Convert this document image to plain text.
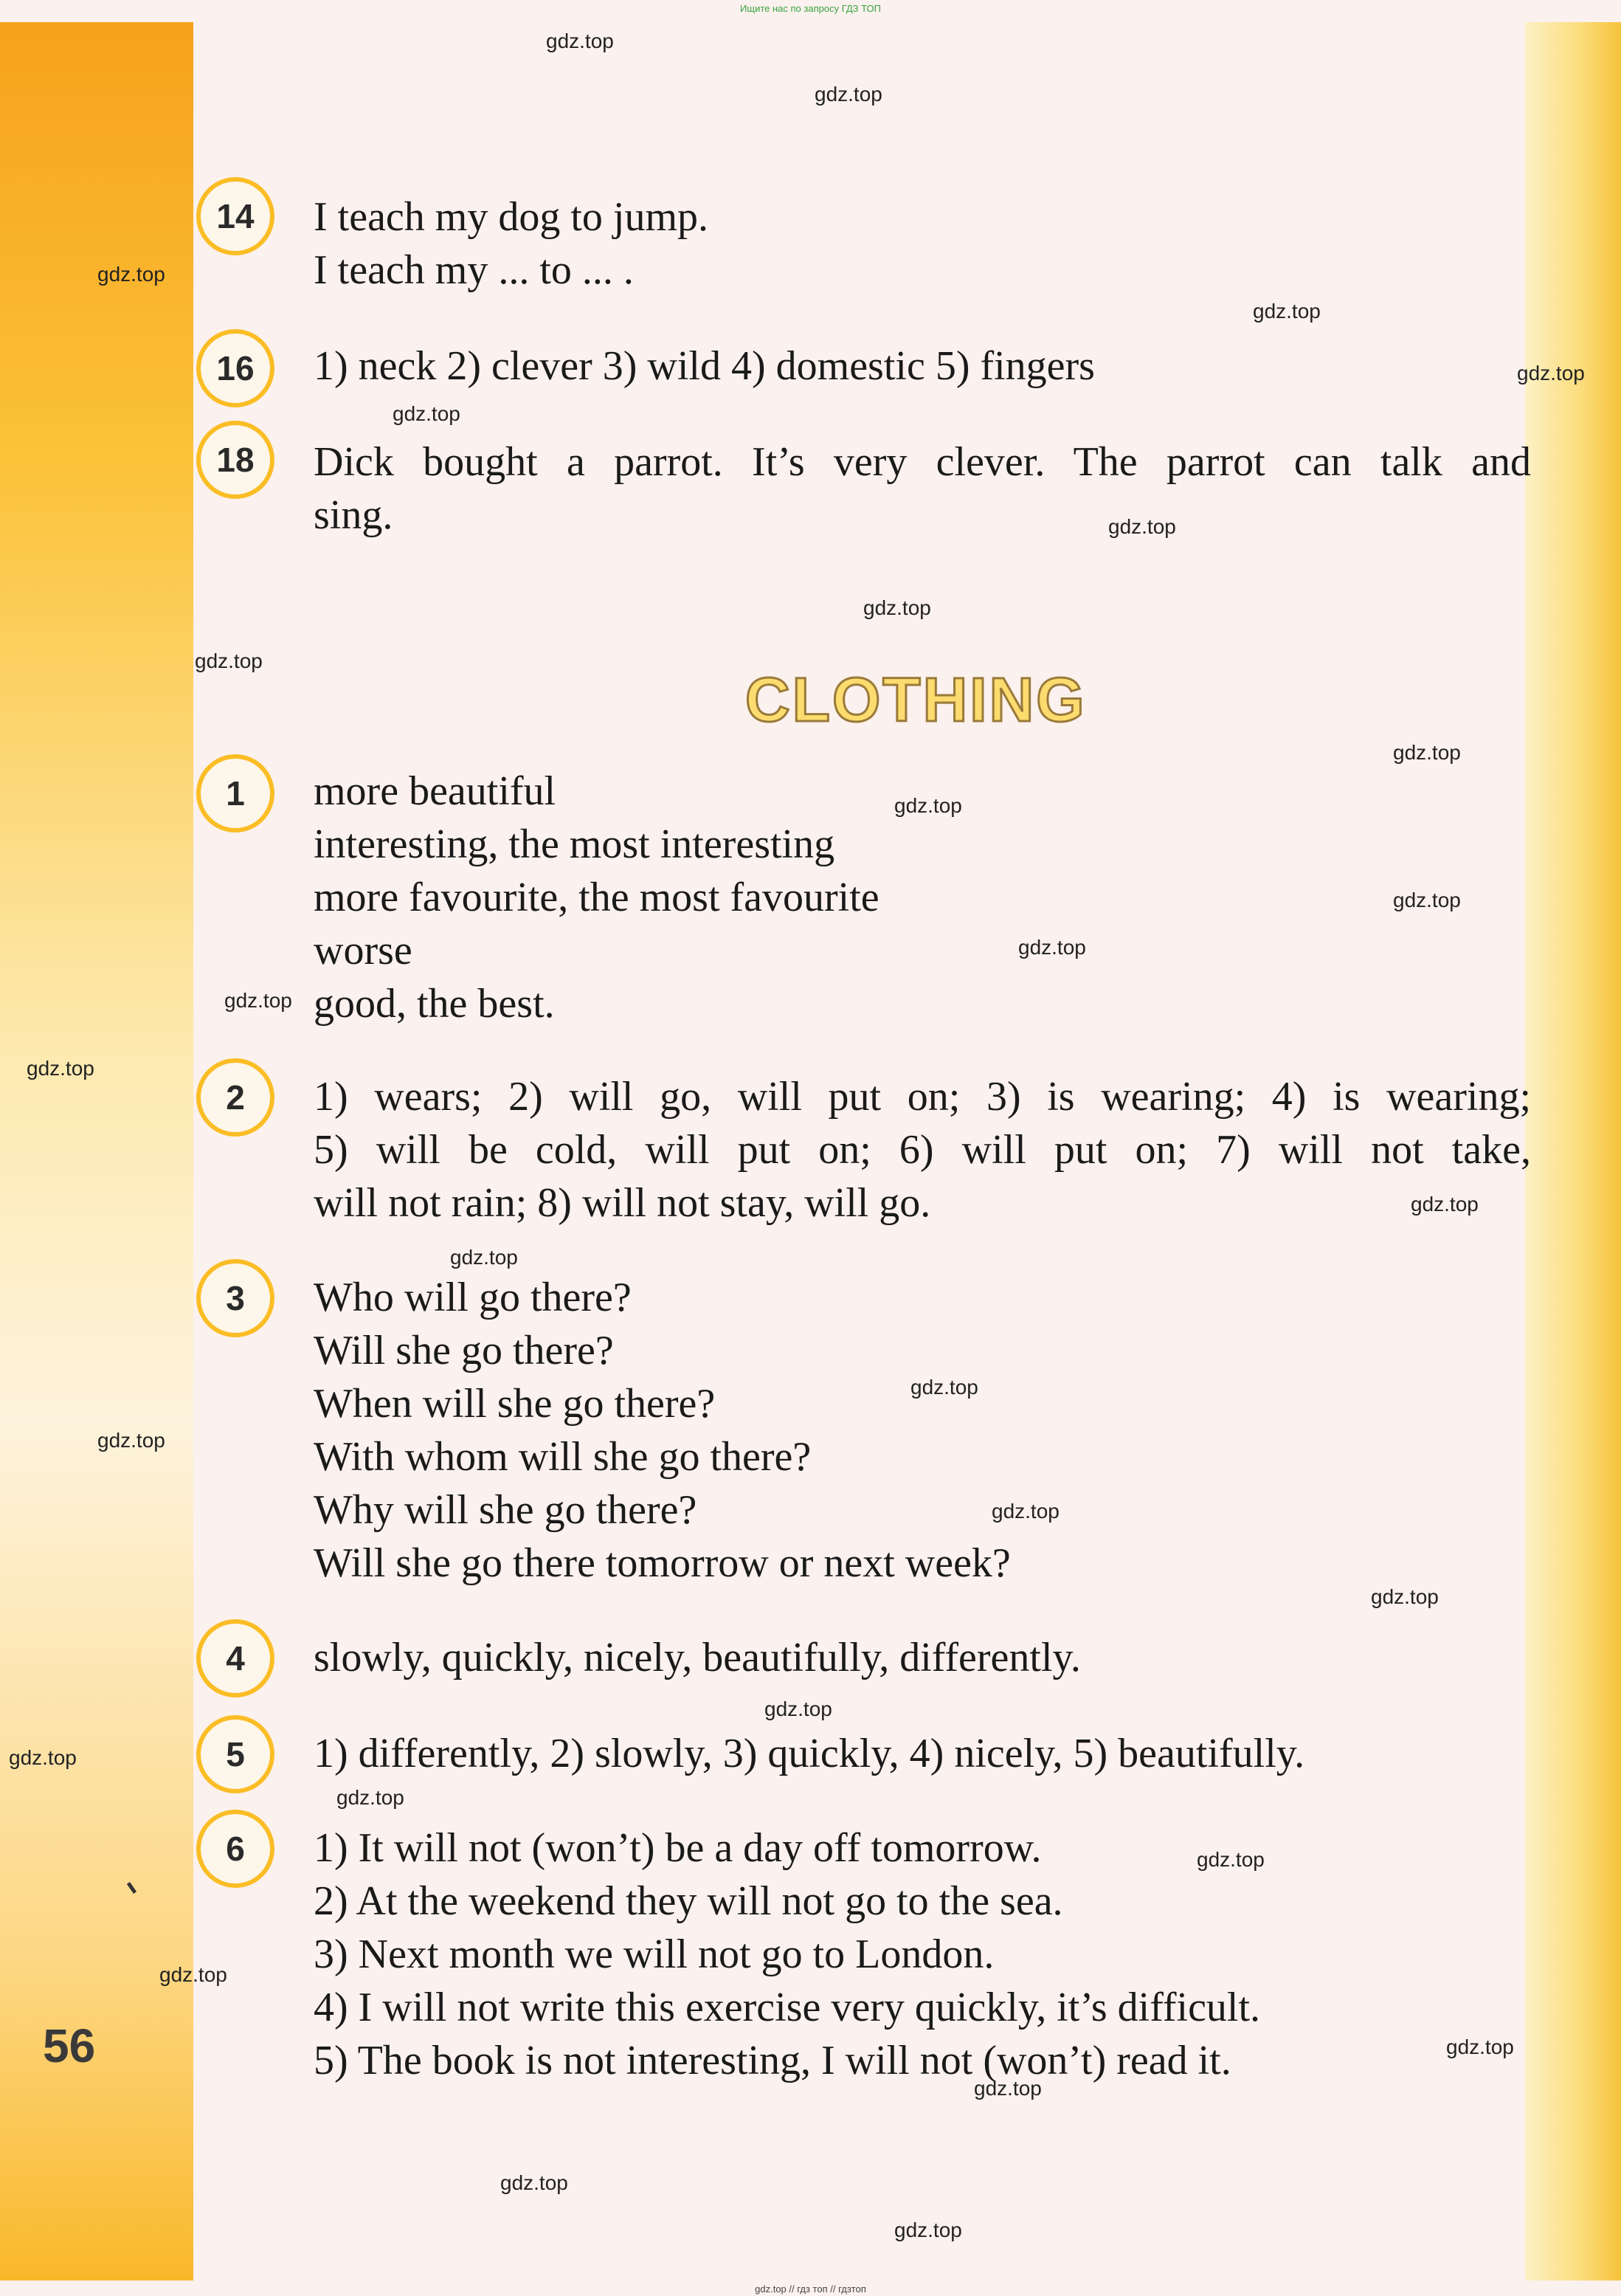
Ищите нас по запросу ГДЗ ТОП
14	I teach my dog to jump.
I teach my ... to ... .
16	1) neck 2) clever 3) wild 4) domestic 5) fingers
18	Dick bought a parrot. It’s very clever. The parrot can talk and
sing.
CLOTHING
1	more beautiful
interesting, the most interesting
more favourite, the most favourite
worse
good, the best.
2	1) wears; 2) will go, will put on; 3) is wearing; 4) is wearing;
5) will be cold, will put on; 6) will put on; 7) will not take,
will not rain; 8) will not stay, will go.
3	Who will go there?
Will she go there?
When will she go there?
With whom will she go there?
Why will she go there?
Will she go there tomorrow or next week?
4	slowly, quickly, nicely, beautifully, differently.
5	1) differently, 2) slowly, 3) quickly, 4) nicely, 5) beautifully.
6	1) It will not (won’t) be a day off tomorrow.
2) At the weekend they will not go to the sea.
3) Next month we will not go to London.
4) I will not write this exercise very quickly, it’s difficult.
5) The book is not interesting, I will not (won’t) read it.
56
gdz.top
gdz.top
gdz.top
gdz.top
gdz.top
gdz.top
gdz.top
gdz.top
gdz.top
gdz.top
gdz.top
gdz.top
gdz.top
gdz.top
gdz.top
gdz.top
gdz.top
gdz.top
gdz.top
gdz.top
gdz.top
gdz.top
gdz.top
gdz.top
gdz.top
gdz.top
gdz.top
gdz.top
gdz.top
gdz.top
gdz.top // гдз топ // гдзтоп
